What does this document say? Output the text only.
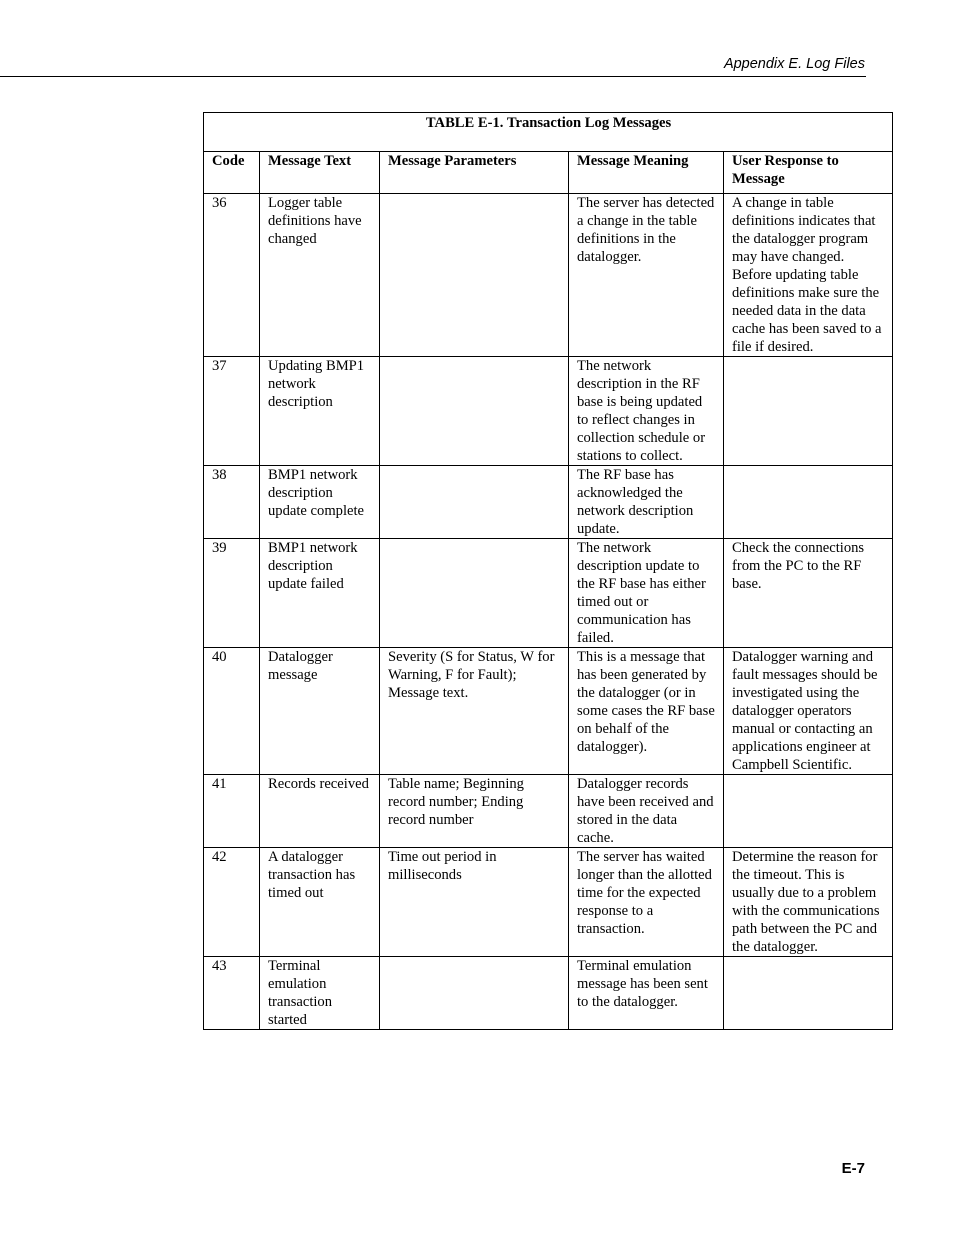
Appendix E. Log Files
TABLE E-1. Transaction Log Messages				
Code	Message Text	Message Parameters	Message Meaning	User Response to Message
36	Logger table definitions have changed		The server has detected a change in the table definitions in the datalogger.	A change in table definitions indicates that the datalogger program may have changed. Before updating table definitions make sure the needed data in the data cache has been saved to a file if desired.
37	Updating BMP1 network description		The network description in the RF base is being updated to reflect changes in collection schedule or stations to collect.	
38	BMP1 network description update complete		The RF base has acknowledged the network description update.	
39	BMP1 network description update failed		The network description update to the RF base has either timed out or communication has failed.	Check the connections from the PC to the RF base.
40	Datalogger message	Severity (S for Status, W for Warning, F for Fault); Message text.	This is a message that has been generated by the datalogger (or in some cases the RF base on behalf of the datalogger).	Datalogger warning and fault messages should be investigated using the datalogger operators manual or contacting an applications engineer at Campbell Scientific.
41	Records received	Table name; Beginning record number; Ending record number	Datalogger records have been received and stored in the data cache.	
42	A datalogger transaction has timed out	Time out period in milliseconds	The server has waited longer than the allotted time for the expected response to a transaction.	Determine the reason for the timeout. This is usually due to a problem with the communications path between the PC and the datalogger.
43	Terminal emulation transaction started		Terminal emulation message has been sent to the datalogger.	
E-7
